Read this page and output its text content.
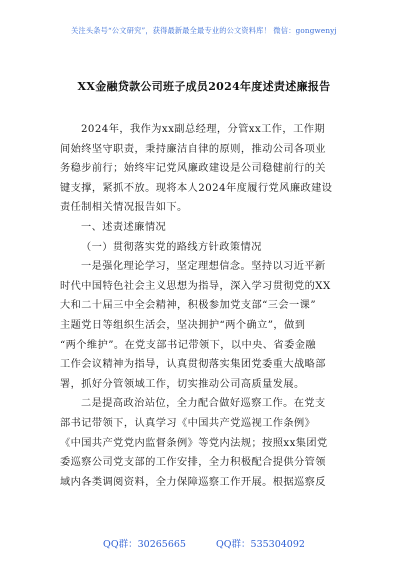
关注头条号“公文研究”，获得最新最全最专业的公文资料库！ 微信：gongwenyj
XX金融贷款公司班子成员2024年度述责述廉报告
2024年，我作为xx副总经理，分管xx工作，工作期
间始终坚守职责，秉持廉洁自律的原则，推动公司各项业
务稳步前行；始终牢记党风廉政建设是公司稳健前行的关
键支撑，紧抓不放。现将本人2024年度履行党风廉政建设
责任制相关情况报告如下。
一、述责述廉情况
（一）贯彻落实党的路线方针政策情况
一是强化理论学习，坚定理想信念。坚持以习近平新
时代中国特色社会主义思想为指导，深入学习贯彻党的XX
大和二十届三中全会精神，积极参加党支部“三会一课”
主题党日等组织生活会，坚决拥护“两个确立”，做到
“两个维护”。在党支部书记带领下，以中央、省委金融
工作会议精神为指导，认真贯彻落实集团党委重大战略部
署，抓好分管领域工作，切实推动公司高质量发展。
二是提高政治站位，全力配合做好巡察工作。在党支
部书记带领下，认真学习《中国共产党巡视工作条例》
《中国共产党党内监督条例》等党内法规；按照xx集团党
委巡察公司党支部的工作安排，全力积极配合提供分管领
域内各类调阅资料，全力保障巡察工作开展。根据巡察反
QQ群：30265665	QQ群：535304092
